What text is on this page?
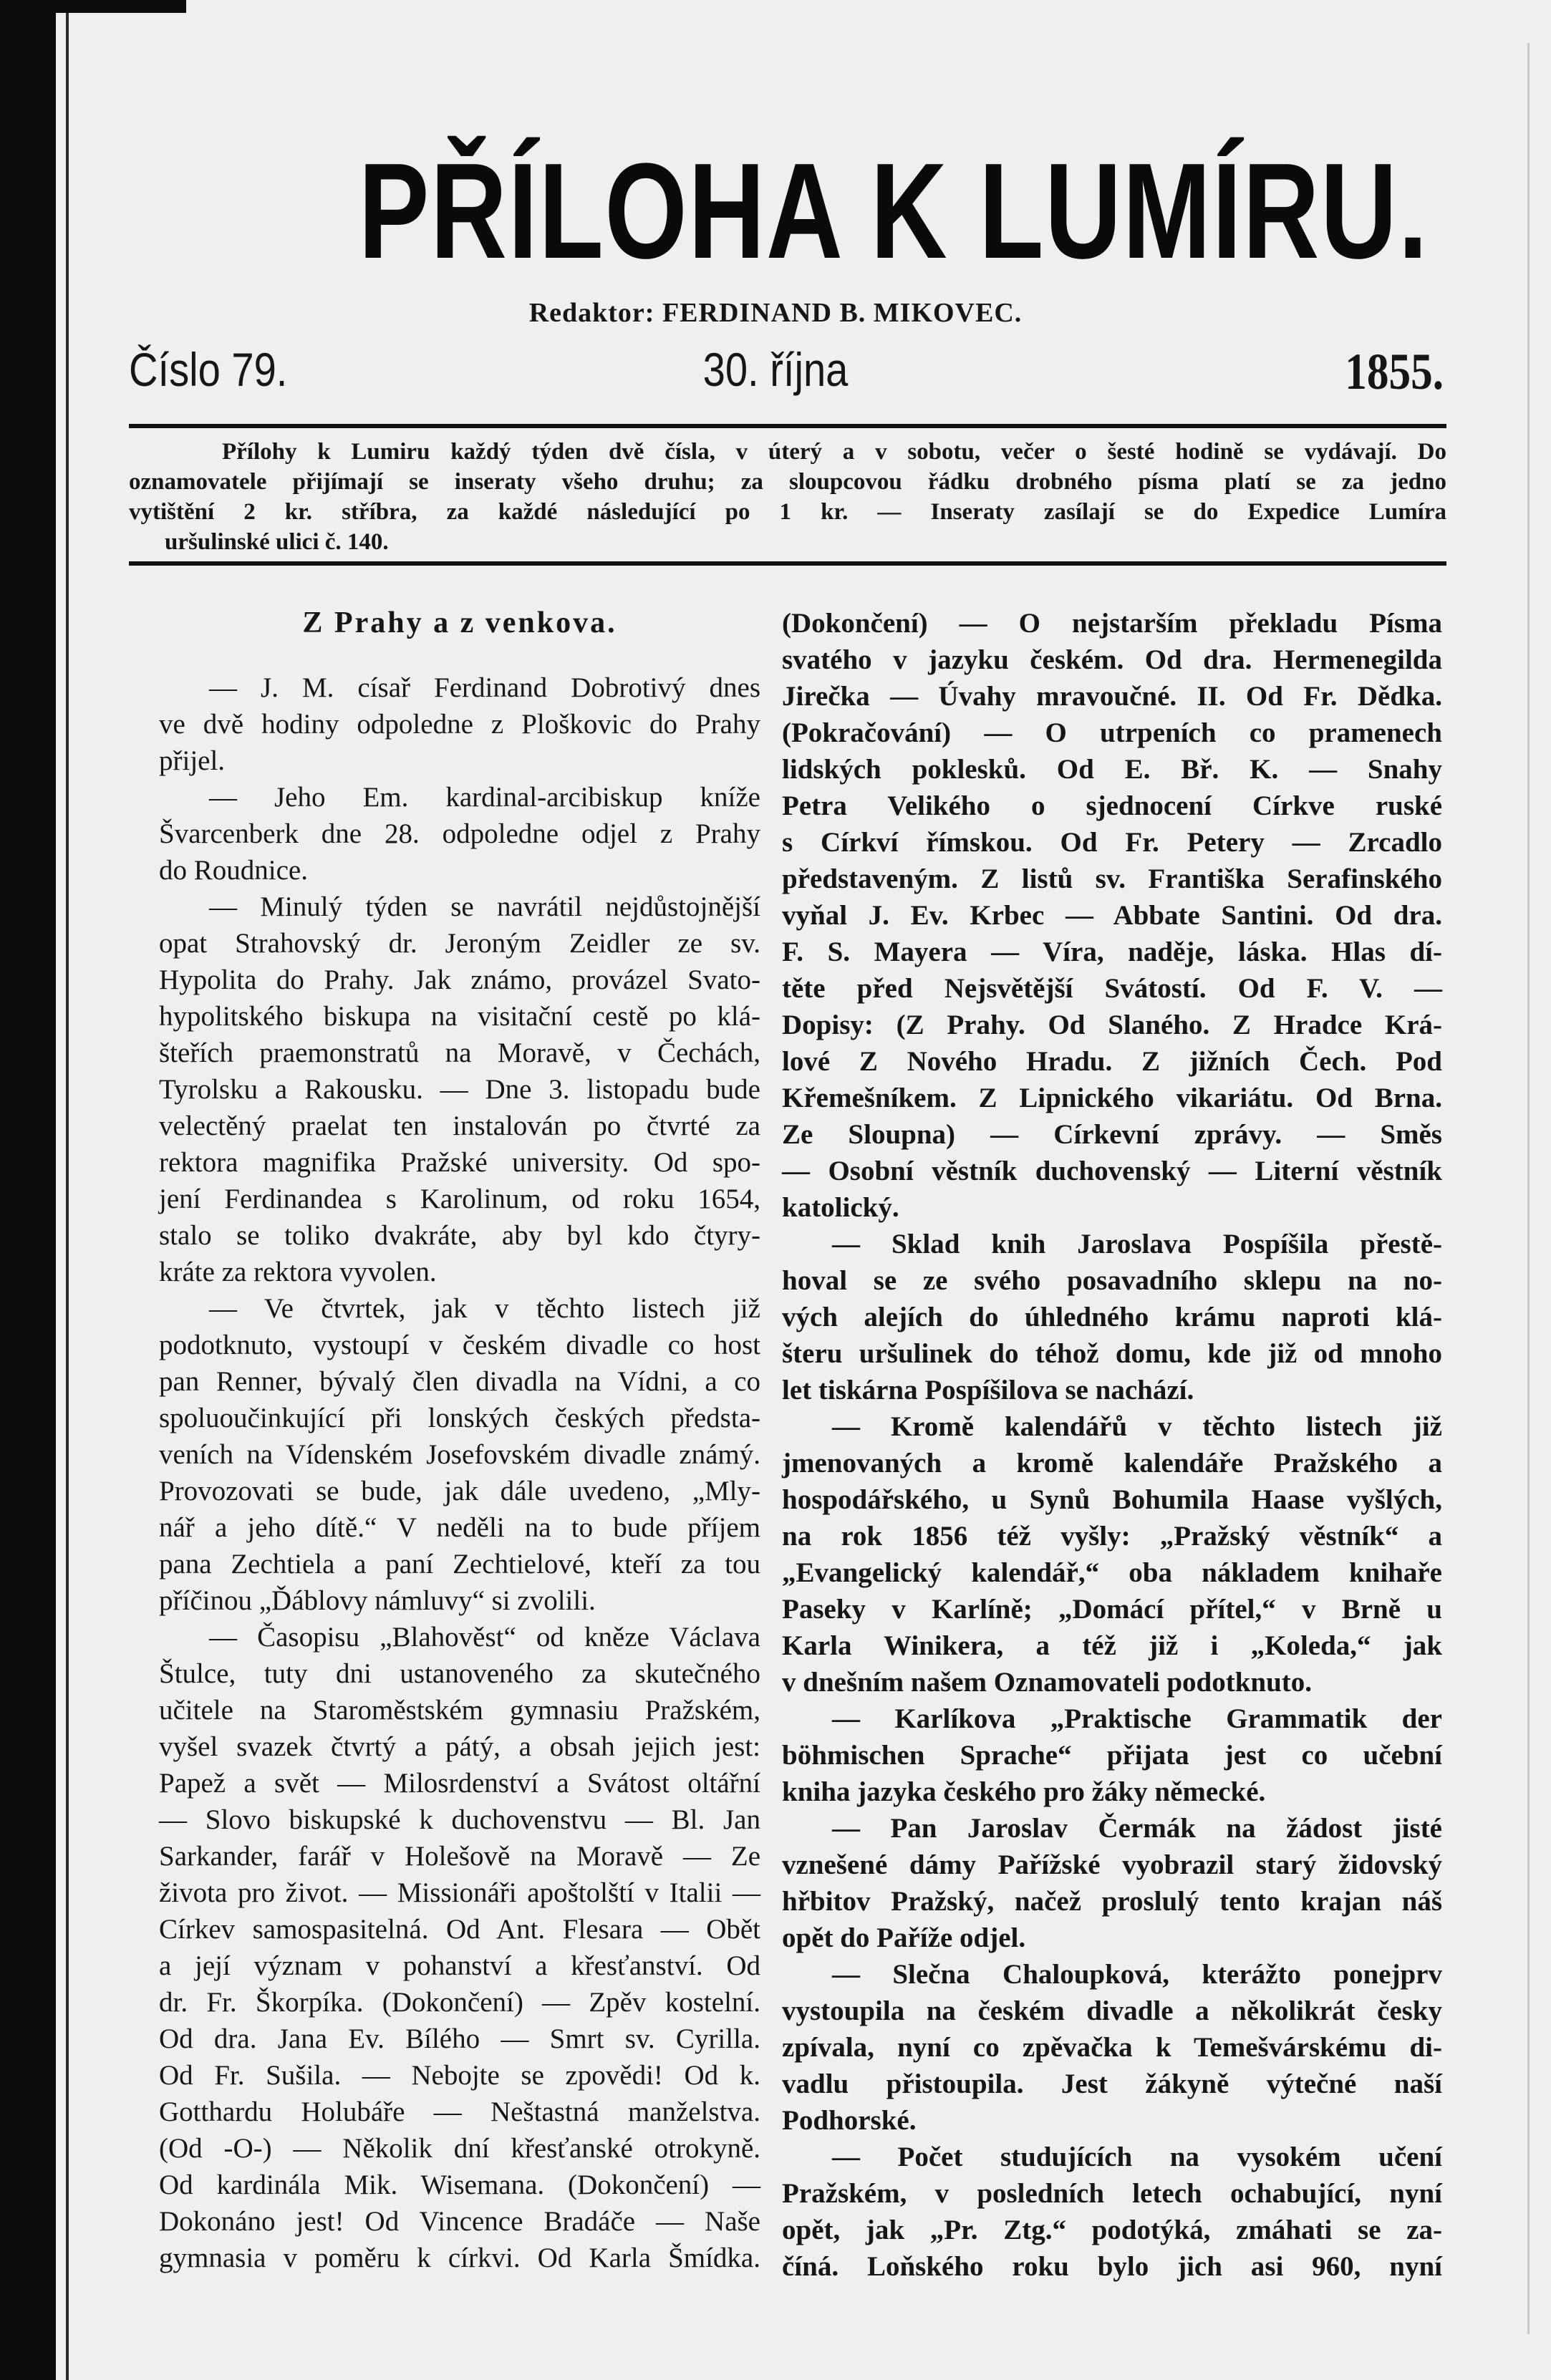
PŘÍLOHA K LUMÍRU.
Redaktor: FERDINAND B. MIKOVEC.
Číslo 79.	30. října	1855.
Přílohy k Lumiru každý týden dvě čísla, v úterý a v sobotu, večer o šesté hodině se vydávají. Do
oznamovatele přijímají se inseraty všeho druhu; za sloupcovou řádku drobného písma platí se za jedno
vytištění 2 kr. stříbra, za každé následující po 1 kr. — Inseraty zasílají se do Expedice Lumíra
uršulinské ulici č. 140.
Z Prahy a z venkova.
— J. M. císař Ferdinand Dobrotivý dnes
ve dvě hodiny odpoledne z Ploškovic do Prahy
přijel.
— Jeho Em. kardinal-arcibiskup kníže
Švarcenberk dne 28. odpoledne odjel z Prahy
do Roudnice.
— Minulý týden se navrátil nejdůstojnější
opat Strahovský dr. Jeroným Zeidler ze sv.
Hypolita do Prahy. Jak známo, provázel Svato-
hypolitského biskupa na visitační cestě po klá-
šteřích praemonstratů na Moravě, v Čechách,
Tyrolsku a Rakousku. — Dne 3. listopadu bude
velectěný praelat ten instalován po čtvrté za
rektora magnifika Pražské university. Od spo-
jení Ferdinandea s Karolinum, od roku 1654,
stalo se toliko dvakráte, aby byl kdo čtyry-
kráte za rektora vyvolen.
— Ve čtvrtek, jak v těchto listech již
podotknuto, vystoupí v českém divadle co host
pan Renner, bývalý člen divadla na Vídni, a co
spoluoučinkující při lonských českých předsta-
veních na Vídenském Josefovském divadle známý.
Provozovati se bude, jak dále uvedeno, „Mly-
nář a jeho dítě.“ V neděli na to bude příjem
pana Zechtiela a paní Zechtielové, kteří za tou
příčinou „Ďáblovy námluvy“ si zvolili.
— Časopisu „Blahověst“ od kněze Václava
Štulce, tuty dni ustanoveného za skutečného
učitele na Staroměstském gymnasiu Pražském,
vyšel svazek čtvrtý a pátý, a obsah jejich jest:
Papež a svět — Milosrdenství a Svátost oltářní
— Slovo biskupské k duchovenstvu — Bl. Jan
Sarkander, farář v Holešově na Moravě — Ze
života pro život. — Missionáři apoštolští v Italii —
Církev samospasitelná. Od Ant. Flesara — Obět
a její význam v pohanství a křesťanství. Od
dr. Fr. Škorpíka. (Dokončení) — Zpěv kostelní.
Od dra. Jana Ev. Bílého — Smrt sv. Cyrilla.
Od Fr. Sušila. — Nebojte se zpovědi! Od k.
Gotthardu Holubáře — Neštastná manželstva.
(Od -O-) — Několik dní křesťanské otrokyně.
Od kardinála Mik. Wisemana. (Dokončení) —
Dokonáno jest! Od Vincence Bradáče — Naše
gymnasia v poměru k církvi. Od Karla Šmídka.
(Dokončení) — O nejstarším překladu Písma
svatého v jazyku českém. Od dra. Hermenegilda
Jirečka — Úvahy mravoučné. II. Od Fr. Dědka.
(Pokračování) — O utrpeních co pramenech
lidských poklesků. Od E. Bř. K. — Snahy
Petra Velikého o sjednocení Církve ruské
s Církví římskou. Od Fr. Petery — Zrcadlo
představeným. Z listů sv. Františka Serafinského
vyňal J. Ev. Krbec — Abbate Santini. Od dra.
F. S. Mayera — Víra, naděje, láska. Hlas dí-
těte před Nejsvětější Svátostí. Od F. V. —
Dopisy: (Z Prahy. Od Slaného. Z Hradce Krá-
lové Z Nového Hradu. Z jižních Čech. Pod
Křemešníkem. Z Lipnického vikariátu. Od Brna.
Ze Sloupna) — Církevní zprávy. — Směs
— Osobní věstník duchovenský — Literní věstník
katolický.
— Sklad knih Jaroslava Pospíšila přestě-
hoval se ze svého posavadního sklepu na no-
vých alejích do úhledného krámu naproti klá-
šteru uršulinek do téhož domu, kde již od mnoho
let tiskárna Pospíšilova se nachází.
— Kromě kalendářů v těchto listech již
jmenovaných a kromě kalendáře Pražského a
hospodářského, u Synů Bohumila Haase vyšlých,
na rok 1856 též vyšly: „Pražský věstník“ a
„Evangelický kalendář,“ oba nákladem knihaře
Paseky v Karlíně; „Domácí přítel,“ v Brně u
Karla Winikera, a též již i „Koleda,“ jak
v dnešním našem Oznamovateli podotknuto.
— Karlíkova „Praktische Grammatik der
böhmischen Sprache“ přijata jest co učební
kniha jazyka českého pro žáky německé.
— Pan Jaroslav Čermák na žádost jisté
vznešené dámy Pařížské vyobrazil starý židovský
hřbitov Pražský, načež proslulý tento krajan náš
opět do Paříže odjel.
— Slečna Chaloupková, kterážto ponejprv
vystoupila na českém divadle a několikrát česky
zpívala, nyní co zpěvačka k Temešvárskému di-
vadlu přistoupila. Jest žákyně výtečné naší
Podhorské.
— Počet studujících na vysokém učení
Pražském, v posledních letech ochabující, nyní
opět, jak „Pr. Ztg.“ podotýká, zmáhati se za-
číná. Loňského roku bylo jich asi 960, nyní
